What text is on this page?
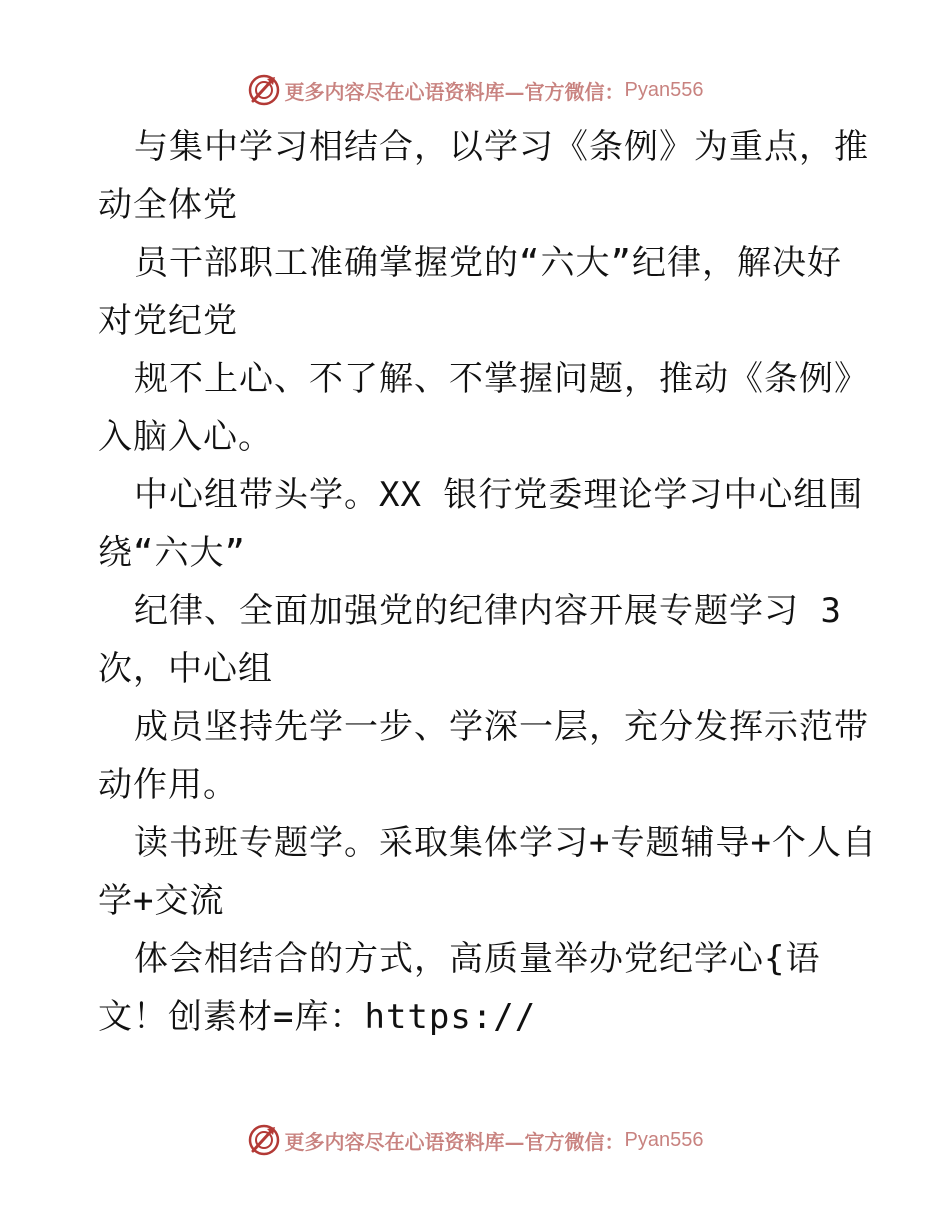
更多内容尽在心语资料库—官方微信： Pyan556
与集中学习相结合，以学习《条例》为重点，推
动全体党
员干部职工准确掌握党的“六大”纪律，解决好
对党纪党
规不上心、不了解、不掌握问题，推动《条例》
入脑入心。
中心组带头学。XX 银行党委理论学习中心组围
绕“六大”
纪律、全面加强党的纪律内容开展专题学习 3
次，中心组
成员坚持先学一步、学深一层，充分发挥示范带
动作用。
读书班专题学。采取集体学习+专题辅导+个人自
学+交流
体会相结合的方式，高质量举办党纪学心{语
文！创素材=库：https://
更多内容尽在心语资料库—官方微信： Pyan556
